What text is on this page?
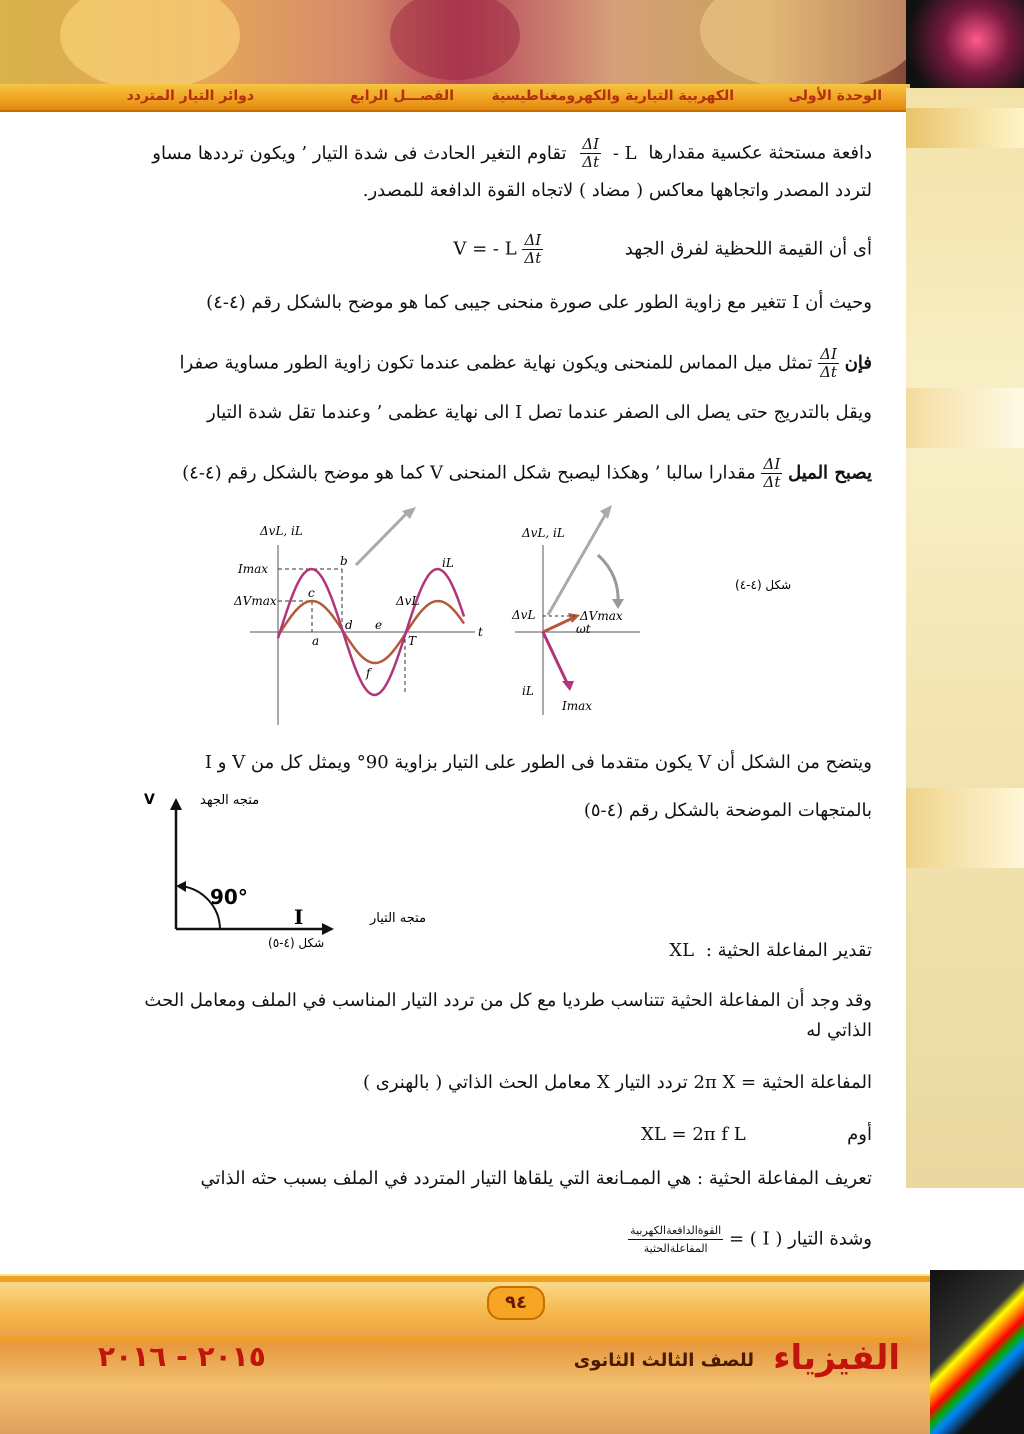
الوحدة الأولى
الكهربية التيارية والكهرومغناطيسية
الفصـــل الرابع
دوائر التيار المتردد
دافعة مستحثة عكسية مقدارها - L
$\frac{\Delta I}{\Delta t}$
تقاوم التغير الحادث فى شدة التيار ’ ويكون ترددها مساو
لتردد المصدر واتجاهها معاكس ( مضاد ) لاتجاه القوة الدافعة للمصدر.
أى أن القيمة اللحظية لفرق الجهد
$\frac{\Delta I}{\Delta t}$
V = - L
وحيث أن I تتغير مع زاوية الطور على صورة منحنى جيبى كما هو موضح بالشكل رقم (٤-٤)
فإن
$\frac{\Delta I}{\Delta t}$
تمثل ميل المماس للمنحنى ويكون نهاية عظمى عندما تكون زاوية الطور مساوية صفرا
ويقل بالتدريج حتى يصل الى الصفر عندما تصل I الى نهاية عظمى ’ وعندما تقل شدة التيار
يصبح الميل
$\frac{\Delta I}{\Delta t}$
مقدارا سالبا ’ وهكذا ليصبح شكل المنحنى V كما هو موضح بالشكل رقم (٤-٤)
ΔvL, iL
t
Imax
ΔVmax
iL
ΔvL
a
b
c
d e
f
T
ΔvL, iL
ΔvL	ΔVmax
ωt
iL
Imax
شكل (٤-٤)
ويتضح من الشكل أن V يكون متقدما فى الطور على التيار بزاوية 90° ويمثل كل من V و I
بالمتجهات الموضحة بالشكل رقم (٤-٥)
متجه الجهد
V
90°
متجه التيار
I
شكل (٤-٥)	تقدير المفاعلة الحثية : XL
وقد وجد أن المفاعلة الحثية تتناسب طرديا مع كل من تردد التيار المناسب في الملف ومعامل الحث
الذاتي له
المفاعلة الحثية = 2π X تردد التيار X معامل الحث الذاتي ( بالهنرى )
أوم  XL = 2π f L
تعريف المفاعلة الحثية : هي الممـانعة التي يلقاها التيار المتردد في الملف بسبب حثه الذاتي
وشدة التيار ( I ) =
$\frac{\text{القوةالدافعةالكهربية}}{\text{المفاعلةالحثية}}$
٩٤
الفيزياء
للصف الثالث الثانوى
٢٠١٥ - ٢٠١٦
